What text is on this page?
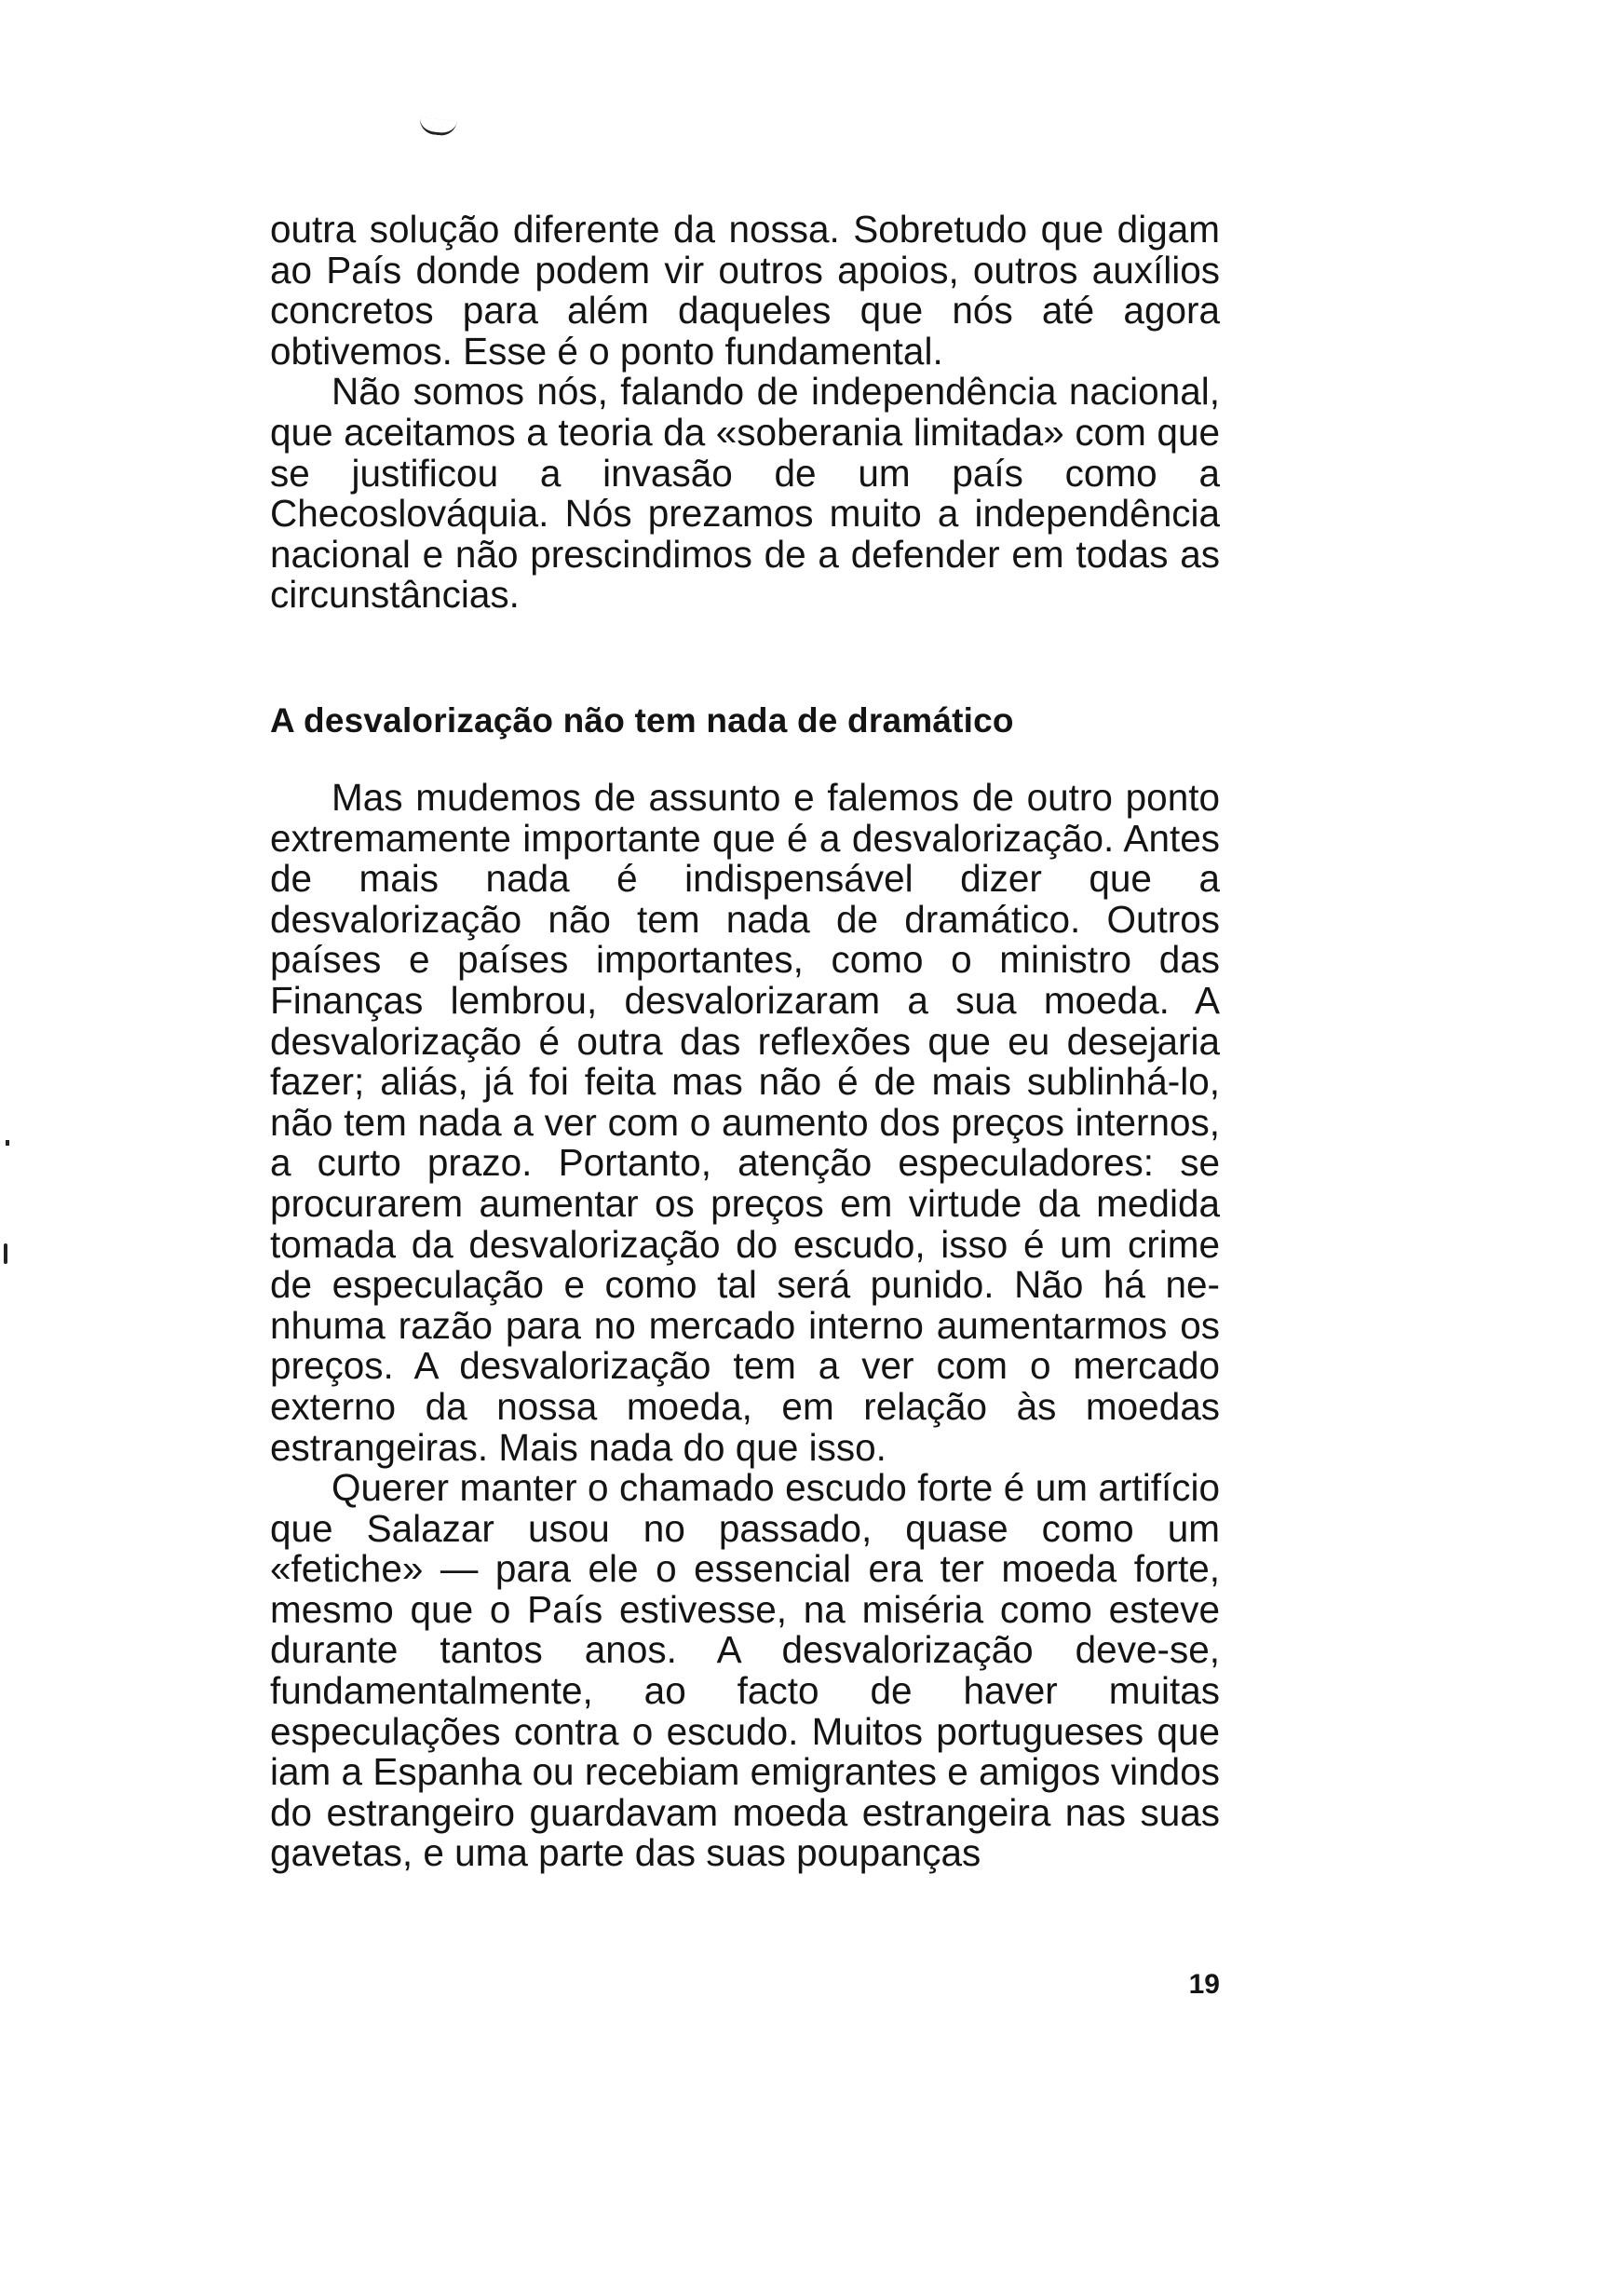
outra solução diferente da nossa. Sobretudo que digam ao País donde podem vir outros apoios, outros auxílios concretos para além daqueles que nós até agora obtivemos. Esse é o ponto fundamental.

Não somos nós, falando de independência nacional, que aceitamos a teoria da «soberania limitada» com que se justificou a invasão de um país como a Checoslováquia. Nós prezamos muito a independência nacional e não prescindimos de a defender em todas as circunstâncias.

A desvalorização não tem nada de dramático

Mas mudemos de assunto e falemos de outro ponto extremamente importante que é a desvalorização. Antes de mais nada é indispensável dizer que a desvalorização não tem nada de dramático. Outros países e países importantes, como o ministro das Finanças lembrou, desvalorizaram a sua moeda. A desvalorização é outra das reflexões que eu desejaria fazer; aliás, já foi feita mas não é de mais sublinhá-lo, não tem nada a ver com o aumento dos preços internos, a curto prazo. Portanto, atenção especuladores: se procurarem aumentar os preços em virtude da medida tomada da desvalorização do escudo, isso é um crime de especulação e como tal será punido. Não há nenhuma razão para no mercado interno aumentarmos os preços. A desvalorização tem a ver com o mercado externo da nossa moeda, em relação às moedas estrangeiras. Mais nada do que isso.

Querer manter o chamado escudo forte é um artifício que Salazar usou no passado, quase como um «fetiche» — para ele o essencial era ter moeda forte, mesmo que o País estivesse, na miséria como esteve durante tantos anos. A desvalorização deve-se, fundamentalmente, ao facto de haver muitas especulações contra o escudo. Muitos portugueses que iam a Espanha ou recebiam emigrantes e amigos vindos do estrangeiro guardavam moeda estrangeira nas suas gavetas, e uma parte das suas poupanças

19
